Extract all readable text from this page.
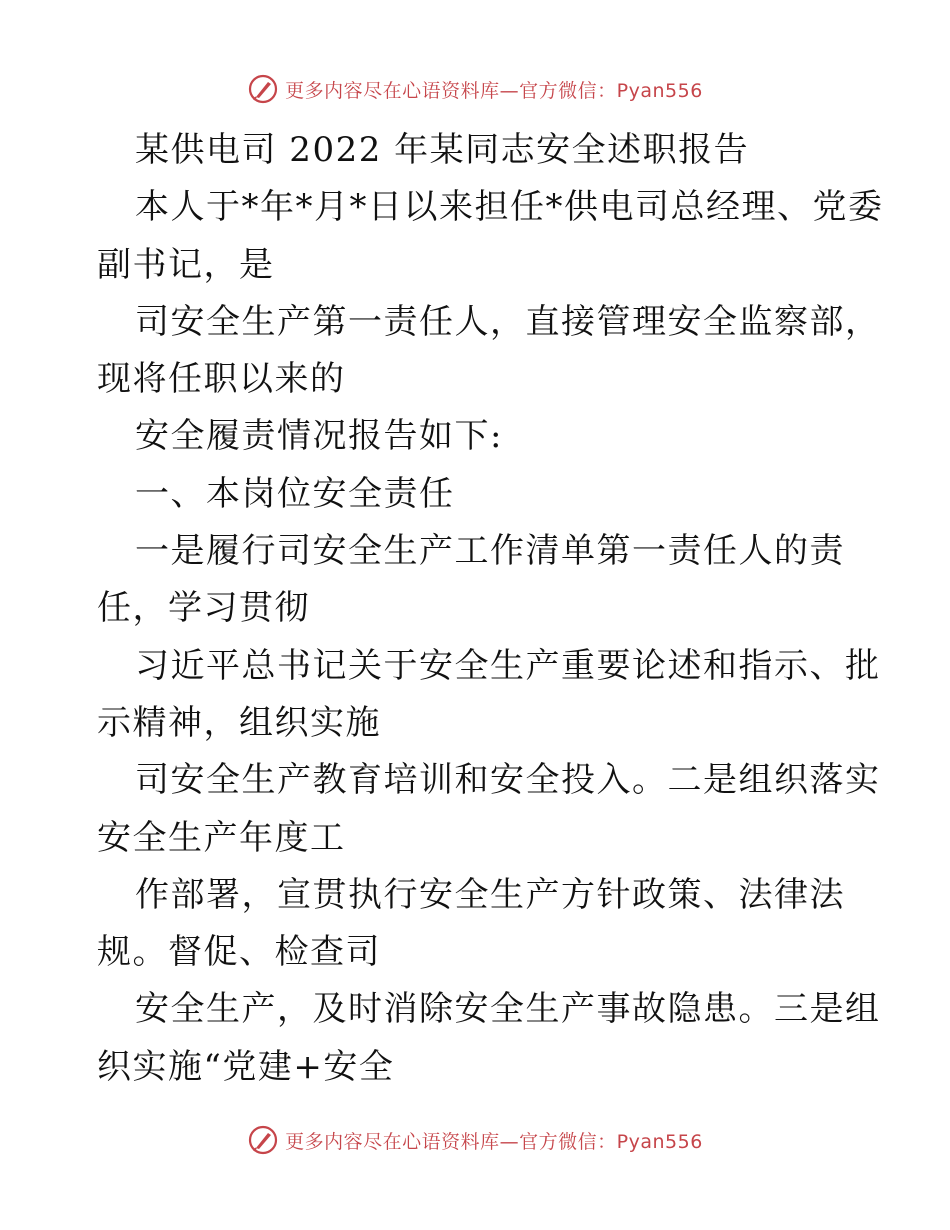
更多内容尽在心语资料库—官方微信：Pyan556
某供电司 2022 年某同志安全述职报告
本人于*年*月*日以来担任*供电司总经理、党委
副书记，是
司安全生产第一责任人，直接管理安全监察部，
现将任职以来的
安全履责情况报告如下:
一、本岗位安全责任
一是履行司安全生产工作清单第一责任人的责
任，学习贯彻
习近平总书记关于安全生产重要论述和指示、批
示精神，组织实施
司安全生产教育培训和安全投入。二是组织落实
安全生产年度工
作部署，宣贯执行安全生产方针政策、法律法
规。督促、检查司
安全生产，及时消除安全生产事故隐患。三是组
织实施“党建+安全
更多内容尽在心语资料库—官方微信：Pyan556
